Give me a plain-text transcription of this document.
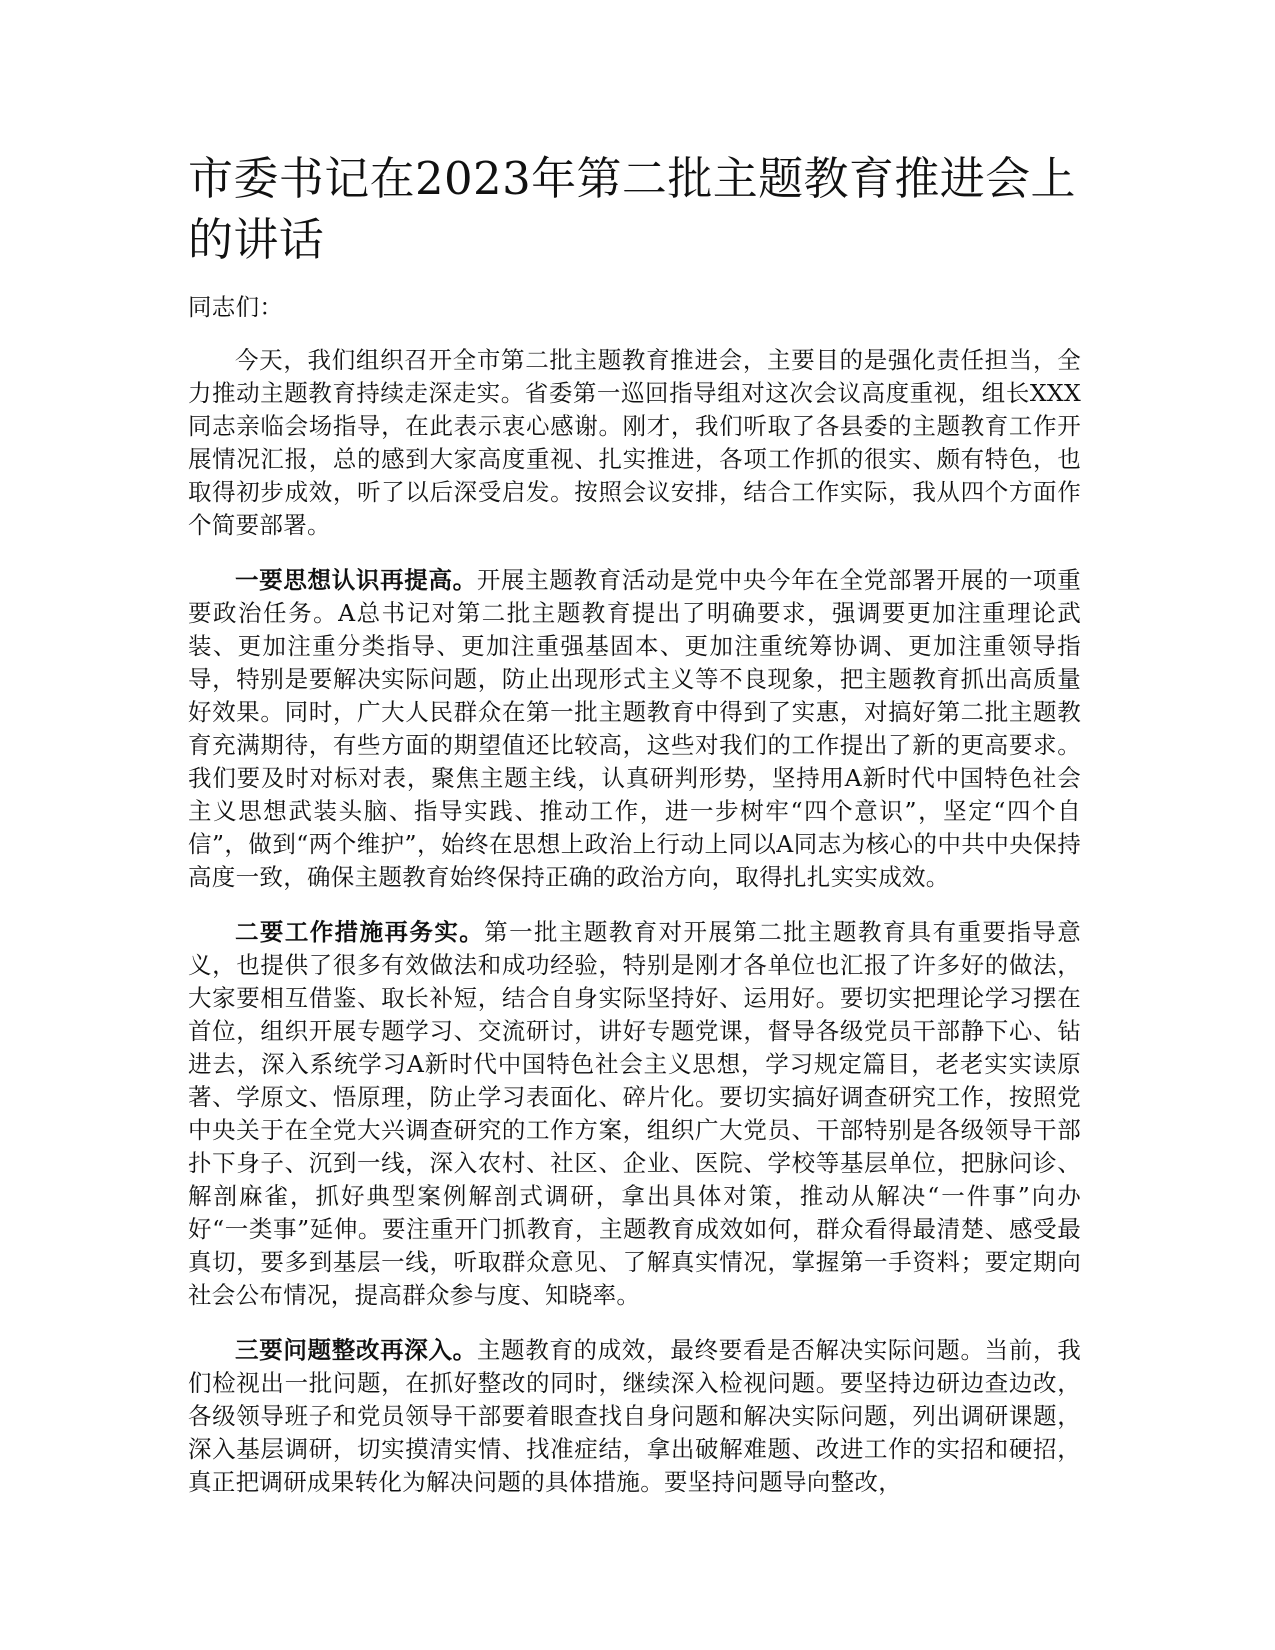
市委书记在2023年第二批主题教育推进会上的讲话

同志们：

今天，我们组织召开全市第二批主题教育推进会，主要目的是强化责任担当，全力推动主题教育持续走深走实。省委第一巡回指导组对这次会议高度重视，组长XXX同志亲临会场指导，在此表示衷心感谢。刚才，我们听取了各县委的主题教育工作开展情况汇报，总的感到大家高度重视、扎实推进，各项工作抓的很实、颇有特色，也取得初步成效，听了以后深受启发。按照会议安排，结合工作实际，我从四个方面作个简要部署。

一要思想认识再提高。开展主题教育活动是党中央今年在全党部署开展的一项重要政治任务。A总书记对第二批主题教育提出了明确要求，强调要更加注重理论武装、更加注重分类指导、更加注重强基固本、更加注重统筹协调、更加注重领导指导，特别是要解决实际问题，防止出现形式主义等不良现象，把主题教育抓出高质量好效果。同时，广大人民群众在第一批主题教育中得到了实惠，对搞好第二批主题教育充满期待，有些方面的期望值还比较高，这些对我们的工作提出了新的更高要求。我们要及时对标对表，聚焦主题主线，认真研判形势，坚持用A新时代中国特色社会主义思想武装头脑、指导实践、推动工作，进一步树牢“四个意识”，坚定“四个自信”，做到“两个维护”，始终在思想上政治上行动上同以A同志为核心的中共中央保持高度一致，确保主题教育始终保持正确的政治方向，取得扎扎实实成效。

二要工作措施再务实。第一批主题教育对开展第二批主题教育具有重要指导意义，也提供了很多有效做法和成功经验，特别是刚才各单位也汇报了许多好的做法，大家要相互借鉴、取长补短，结合自身实际坚持好、运用好。要切实把理论学习摆在首位，组织开展专题学习、交流研讨，讲好专题党课，督导各级党员干部静下心、钻进去，深入系统学习A新时代中国特色社会主义思想，学习规定篇目，老老实实读原著、学原文、悟原理，防止学习表面化、碎片化。要切实搞好调查研究工作，按照党中央关于在全党大兴调查研究的工作方案，组织广大党员、干部特别是各级领导干部扑下身子、沉到一线，深入农村、社区、企业、医院、学校等基层单位，把脉问诊、解剖麻雀，抓好典型案例解剖式调研，拿出具体对策，推动从解决“一件事”向办好“一类事”延伸。要注重开门抓教育，主题教育成效如何，群众看得最清楚、感受最真切，要多到基层一线，听取群众意见、了解真实情况，掌握第一手资料；要定期向社会公布情况，提高群众参与度、知晓率。

三要问题整改再深入。主题教育的成效，最终要看是否解决实际问题。当前，我们检视出一批问题，在抓好整改的同时，继续深入检视问题。要坚持边研边查边改，各级领导班子和党员领导干部要着眼查找自身问题和解决实际问题，列出调研课题，深入基层调研，切实摸清实情、找准症结，拿出破解难题、改进工作的实招和硬招，真正把调研成果转化为解决问题的具体措施。要坚持问题导向整改，
